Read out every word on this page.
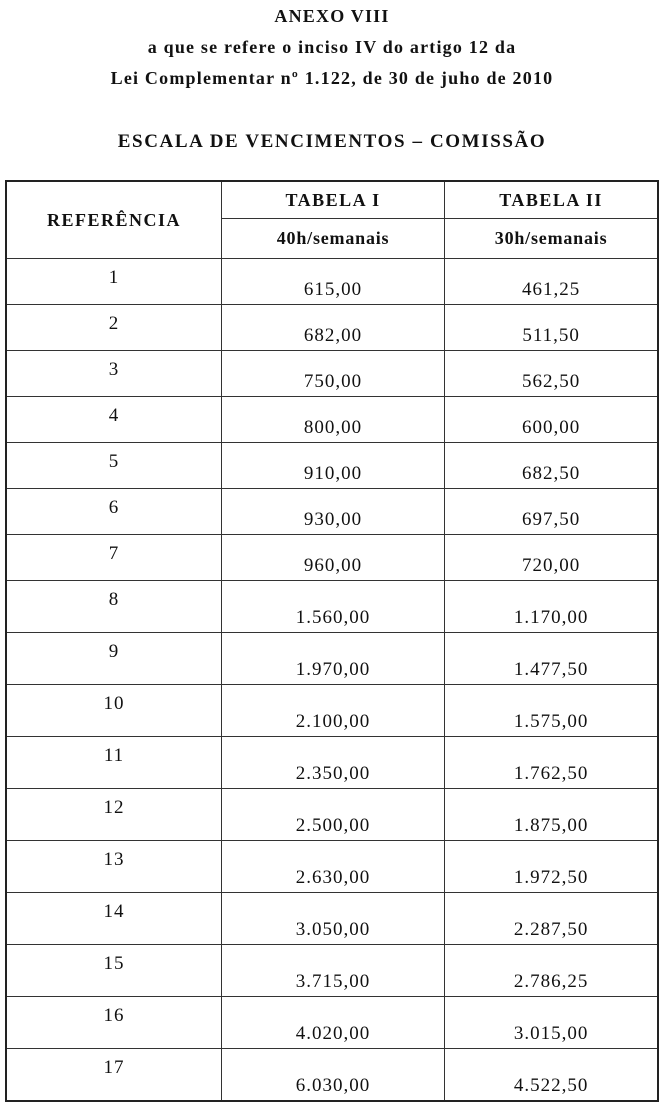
ANEXO VIII
a que se refere o inciso IV do artigo 12 da
Lei Complementar nº 1.122, de 30 de juho de 2010
ESCALA DE VENCIMENTOS – COMISSÃO
REFERÊNCIA	TABELA I	TABELA II
	40h/semanais	30h/semanais
1	615,00	461,25
2	682,00	511,50
3	750,00	562,50
4	800,00	600,00
5	910,00	682,50
6	930,00	697,50
7	960,00	720,00
8	1.560,00	1.170,00
9	1.970,00	1.477,50
10	2.100,00	1.575,00
11	2.350,00	1.762,50
12	2.500,00	1.875,00
13	2.630,00	1.972,50
14	3.050,00	2.287,50
15	3.715,00	2.786,25
16	4.020,00	3.015,00
17	6.030,00	4.522,50
